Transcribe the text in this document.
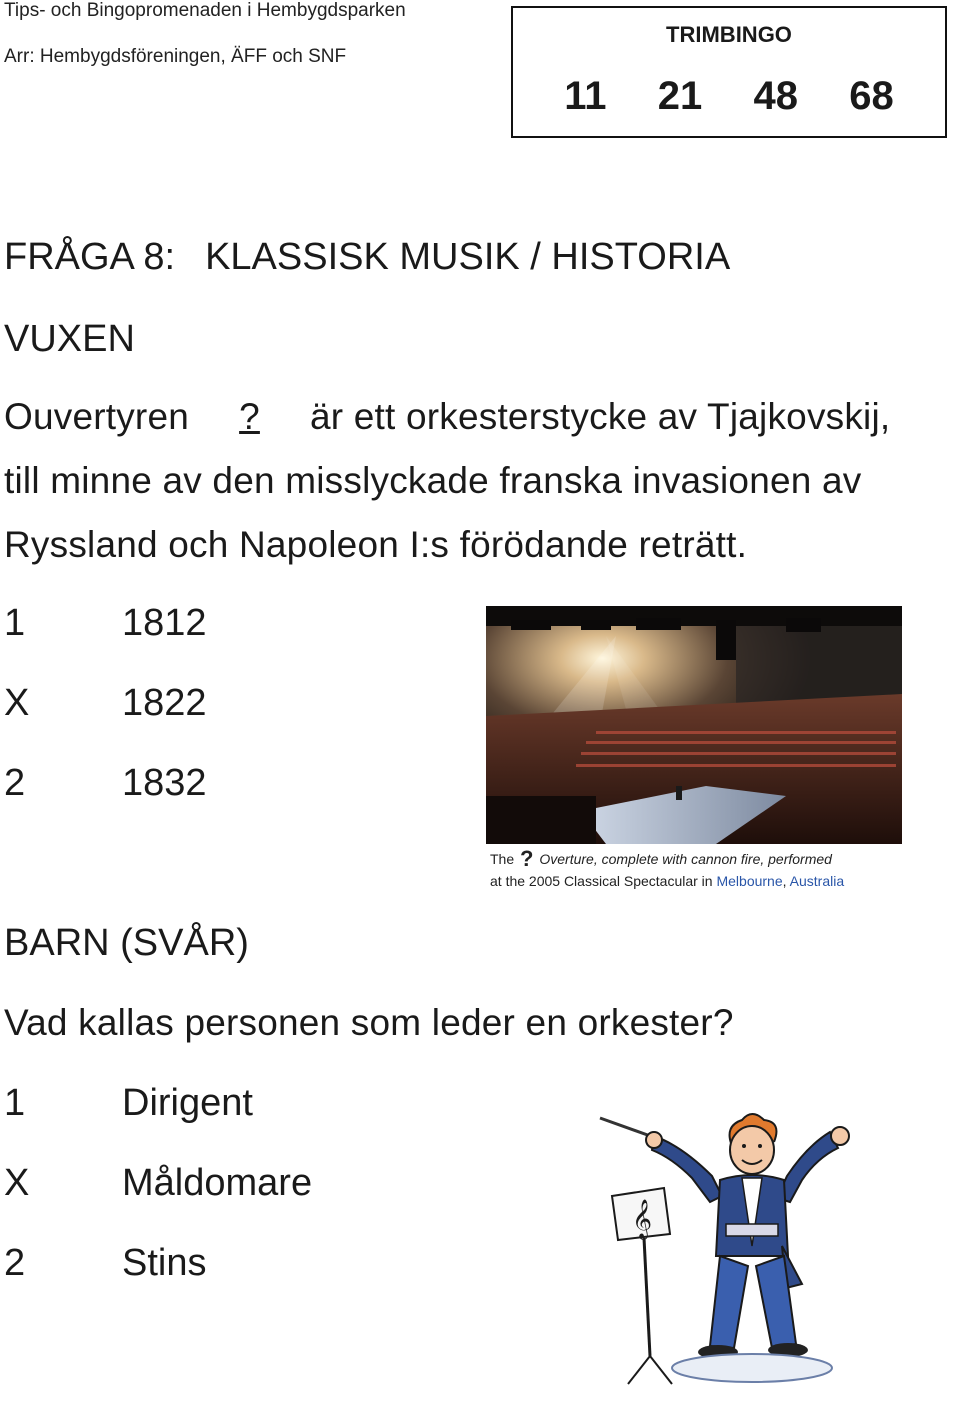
Tips- och Bingopromenaden i Hembygdsparken
Arr: Hembygdsföreningen, ÄFF och SNF
TRIMBINGO
11 21 48 68
FRÅGA 8: KLASSISK MUSIK / HISTORIA
VUXEN
Ouvertyren ? är ett orkesterstycke av Tjajkovskij,
till minne av den misslyckade franska invasionen av
Ryssland och Napoleon I:s förödande reträtt.
1	1812
X 1822
2	1832
The ? Overture, complete with cannon fire, performed
at the 2005 Classical Spectacular in Melbourne, Australia
BARN (SVÅR)
Vad kallas personen som leder en orkester?
1	Dirigent
X Måldomare
2	Stins
𝄞
